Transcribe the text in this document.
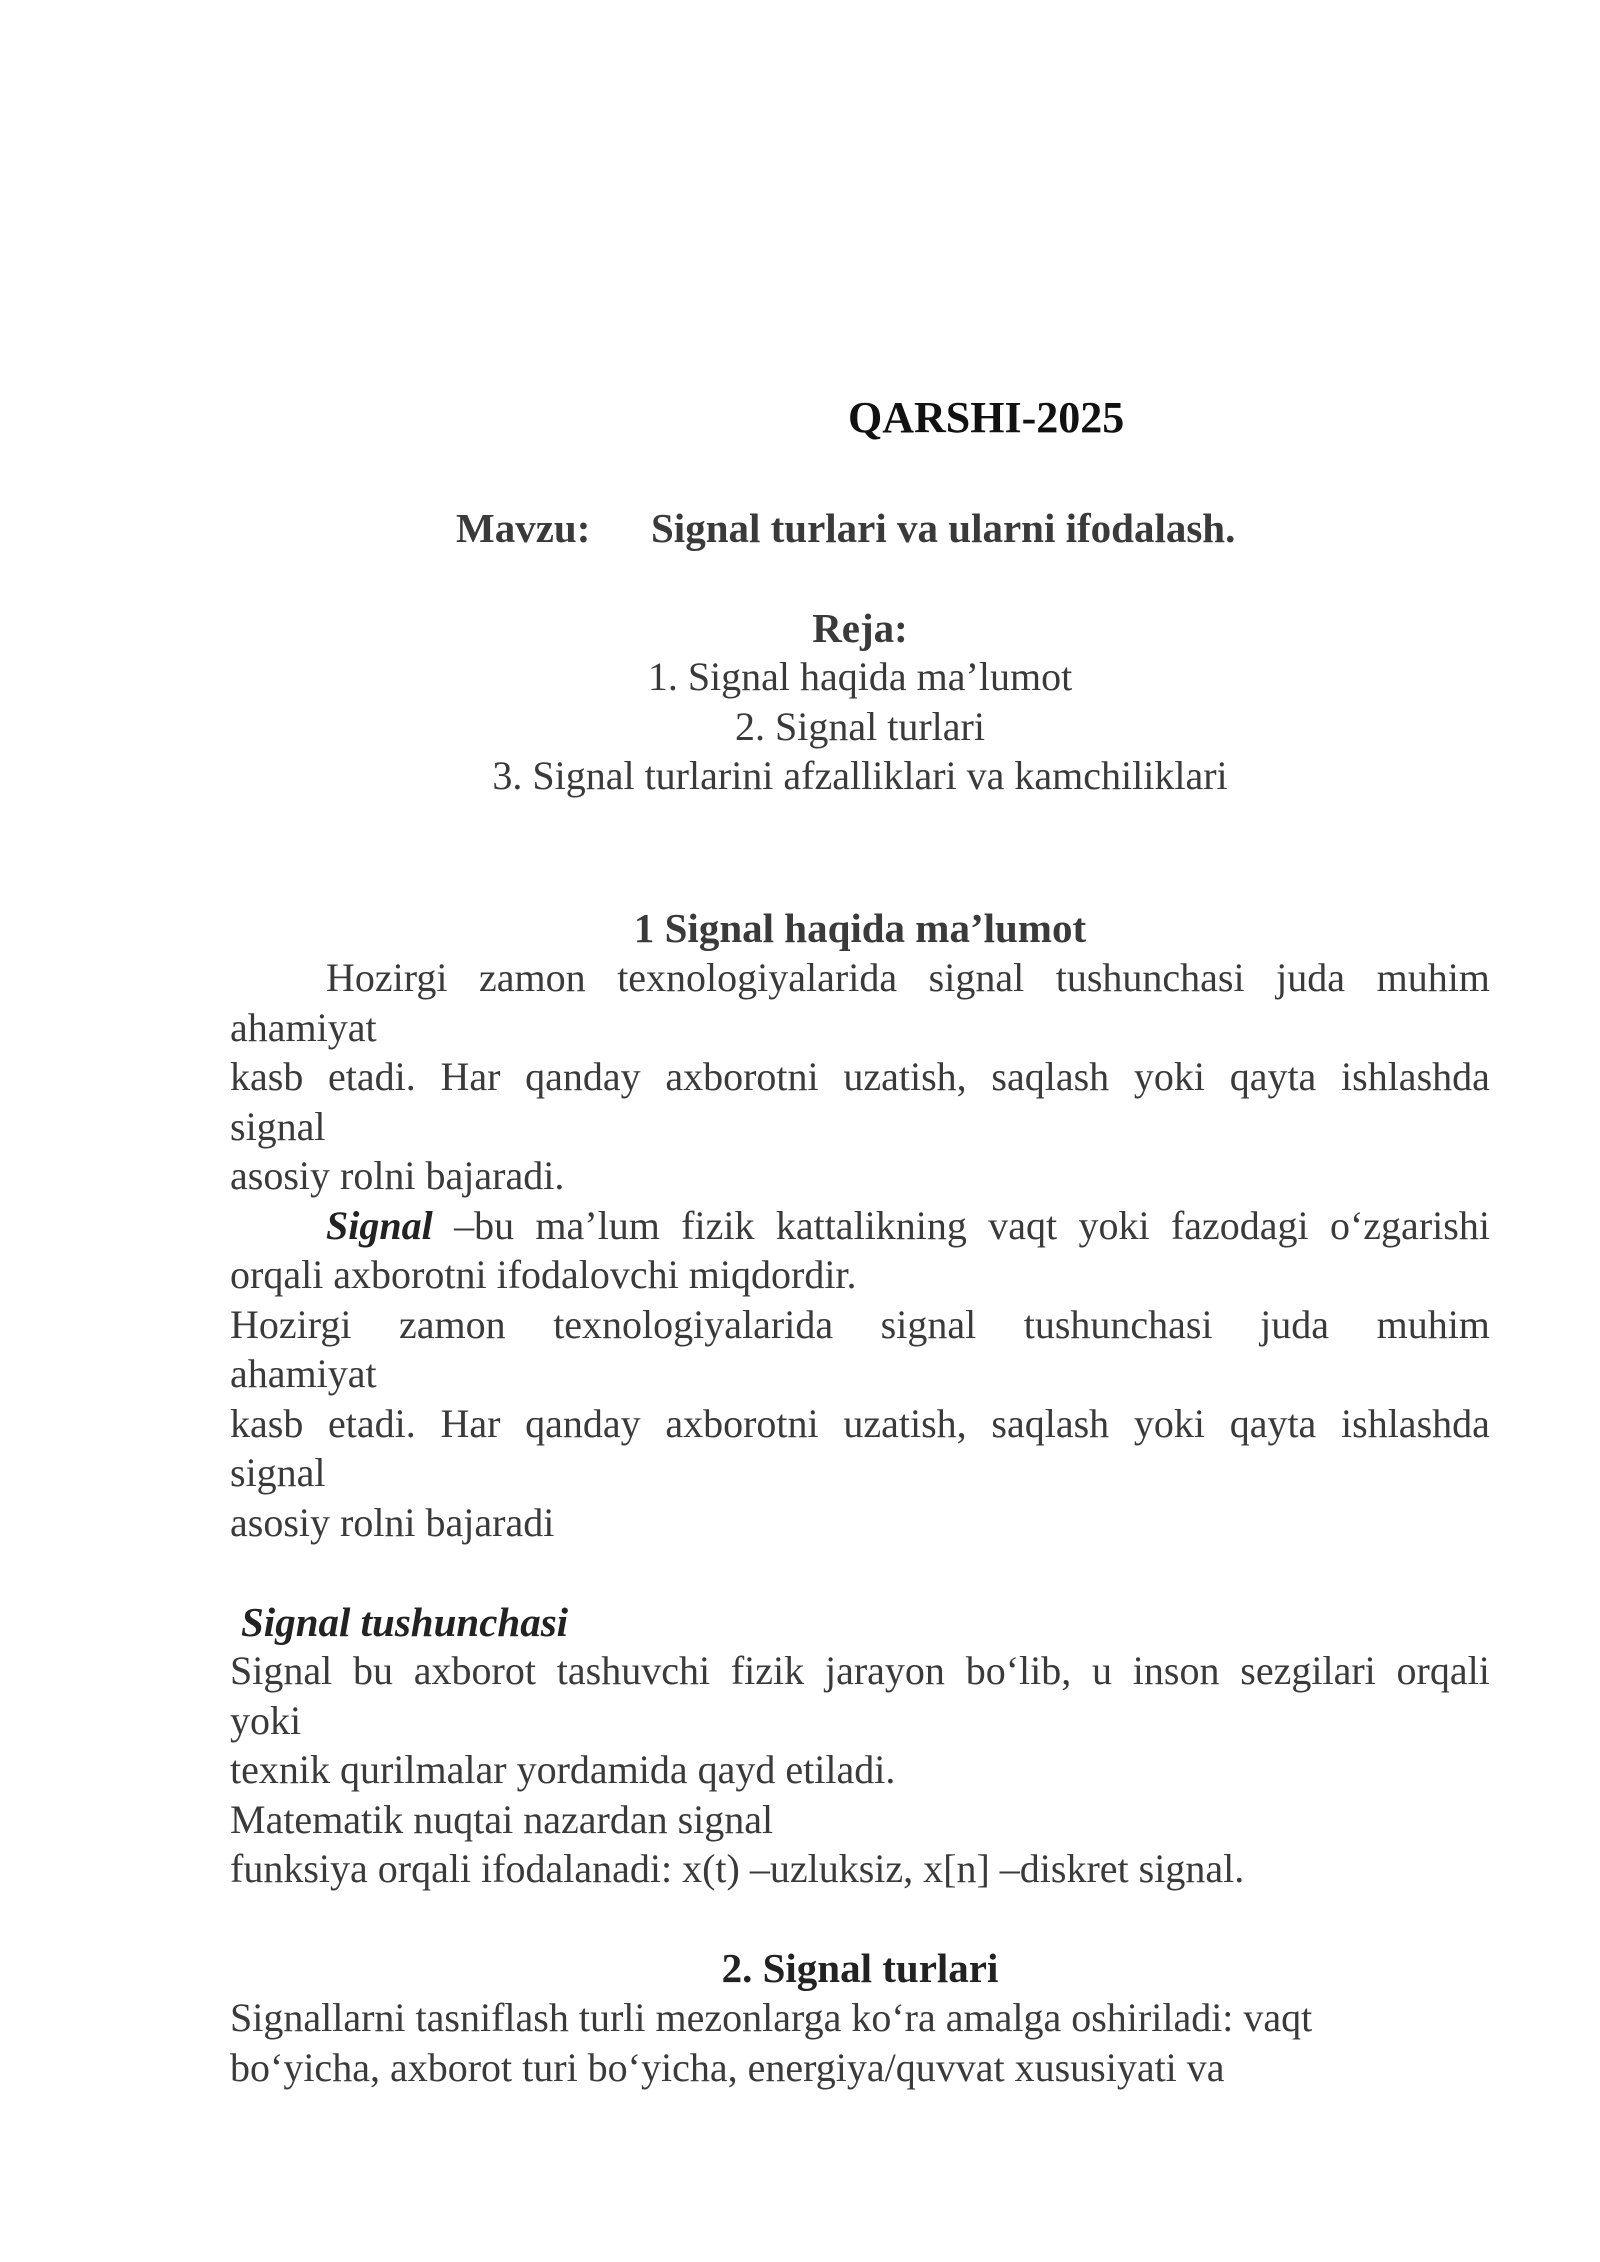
QARSHI-2025
Mavzu: Signal turlari va ularni ifodalash.
Reja:
1. Signal haqida ma’lumot
2. Signal turlari
3. Signal turlarini afzalliklari va kamchiliklari
1 Signal haqida ma’lumot
Hozirgi zamon texnologiyalarida signal tushunchasi juda muhim
ahamiyat
kasb etadi. Har qanday axborotni uzatish, saqlash yoki qayta ishlashda
signal
asosiy rolni bajaradi.
Signal –bu ma’lum fizik kattalikning vaqt yoki fazodagi o‘zgarishi
orqali axborotni ifodalovchi miqdordir.
Hozirgi zamon texnologiyalarida signal tushunchasi juda muhim
ahamiyat
kasb etadi. Har qanday axborotni uzatish, saqlash yoki qayta ishlashda
signal
asosiy rolni bajaradi
Signal tushunchasi
Signal bu axborot tashuvchi fizik jarayon bo‘lib, u inson sezgilari orqali
yoki
texnik qurilmalar yordamida qayd etiladi.
Matematik nuqtai nazardan signal
funksiya orqali ifodalanadi: x(t) –uzluksiz, x[n] –diskret signal.
2. Signal turlari
Signallarni tasniflash turli mezonlarga ko‘ra amalga oshiriladi: vaqt
bo‘yicha, axborot turi bo‘yicha, energiya/quvvat xususiyati va
